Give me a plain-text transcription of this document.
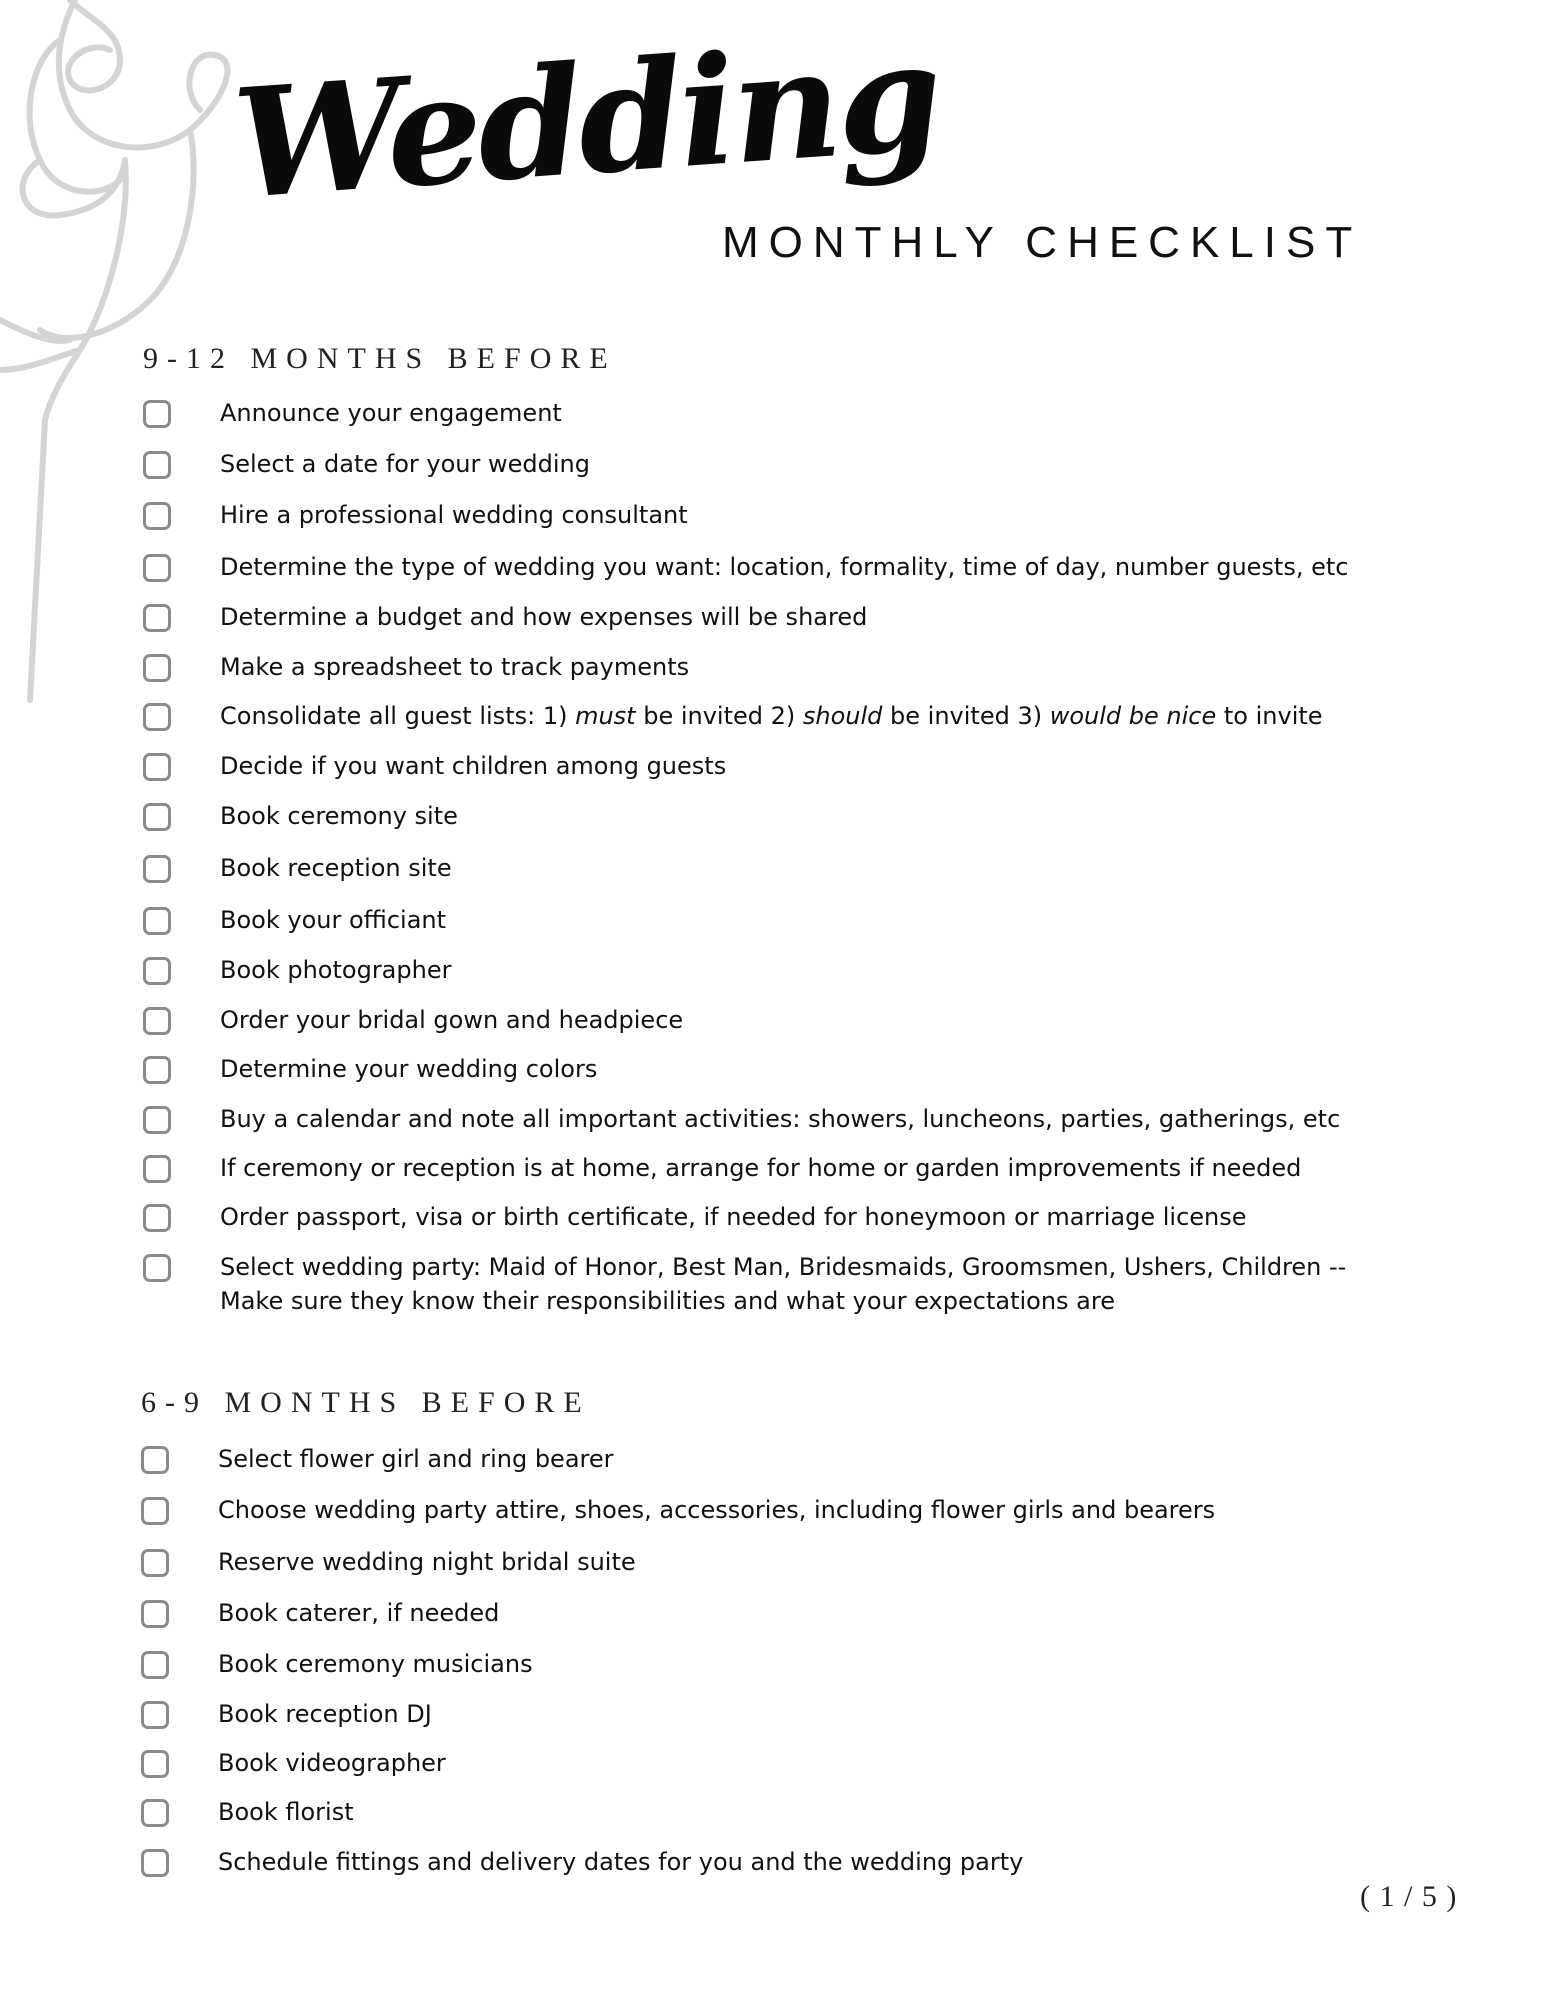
Wedding
MONTHLY CHECKLIST
9-12 MONTHS BEFORE
Announce your engagement
Select a date for your wedding
Hire a professional wedding consultant
Determine the type of wedding you want: location, formality, time of day, number guests, etc
Determine a budget and how expenses will be shared
Make a spreadsheet to track payments
Consolidate all guest lists: 1) must be invited 2) should be invited 3) would be nice to invite
Decide if you want children among guests
Book ceremony site
Book reception site
Book your officiant
Book photographer
Order your bridal gown and headpiece
Determine your wedding colors
Buy a calendar and note all important activities: showers, luncheons, parties, gatherings, etc
If ceremony or reception is at home, arrange for home or garden improvements if needed
Order passport, visa or birth certificate, if needed for honeymoon or marriage license
Select wedding party: Maid of Honor, Best Man, Bridesmaids, Groomsmen, Ushers, Children --
Make sure they know their responsibilities and what your expectations are
6-9 MONTHS BEFORE
Select flower girl and ring bearer
Choose wedding party attire, shoes, accessories, including flower girls and bearers
Reserve wedding night bridal suite
Book caterer, if needed
Book ceremony musicians
Book reception DJ
Book videographer
Book florist
Schedule fittings and delivery dates for you and the wedding party
( 1 / 5 )
